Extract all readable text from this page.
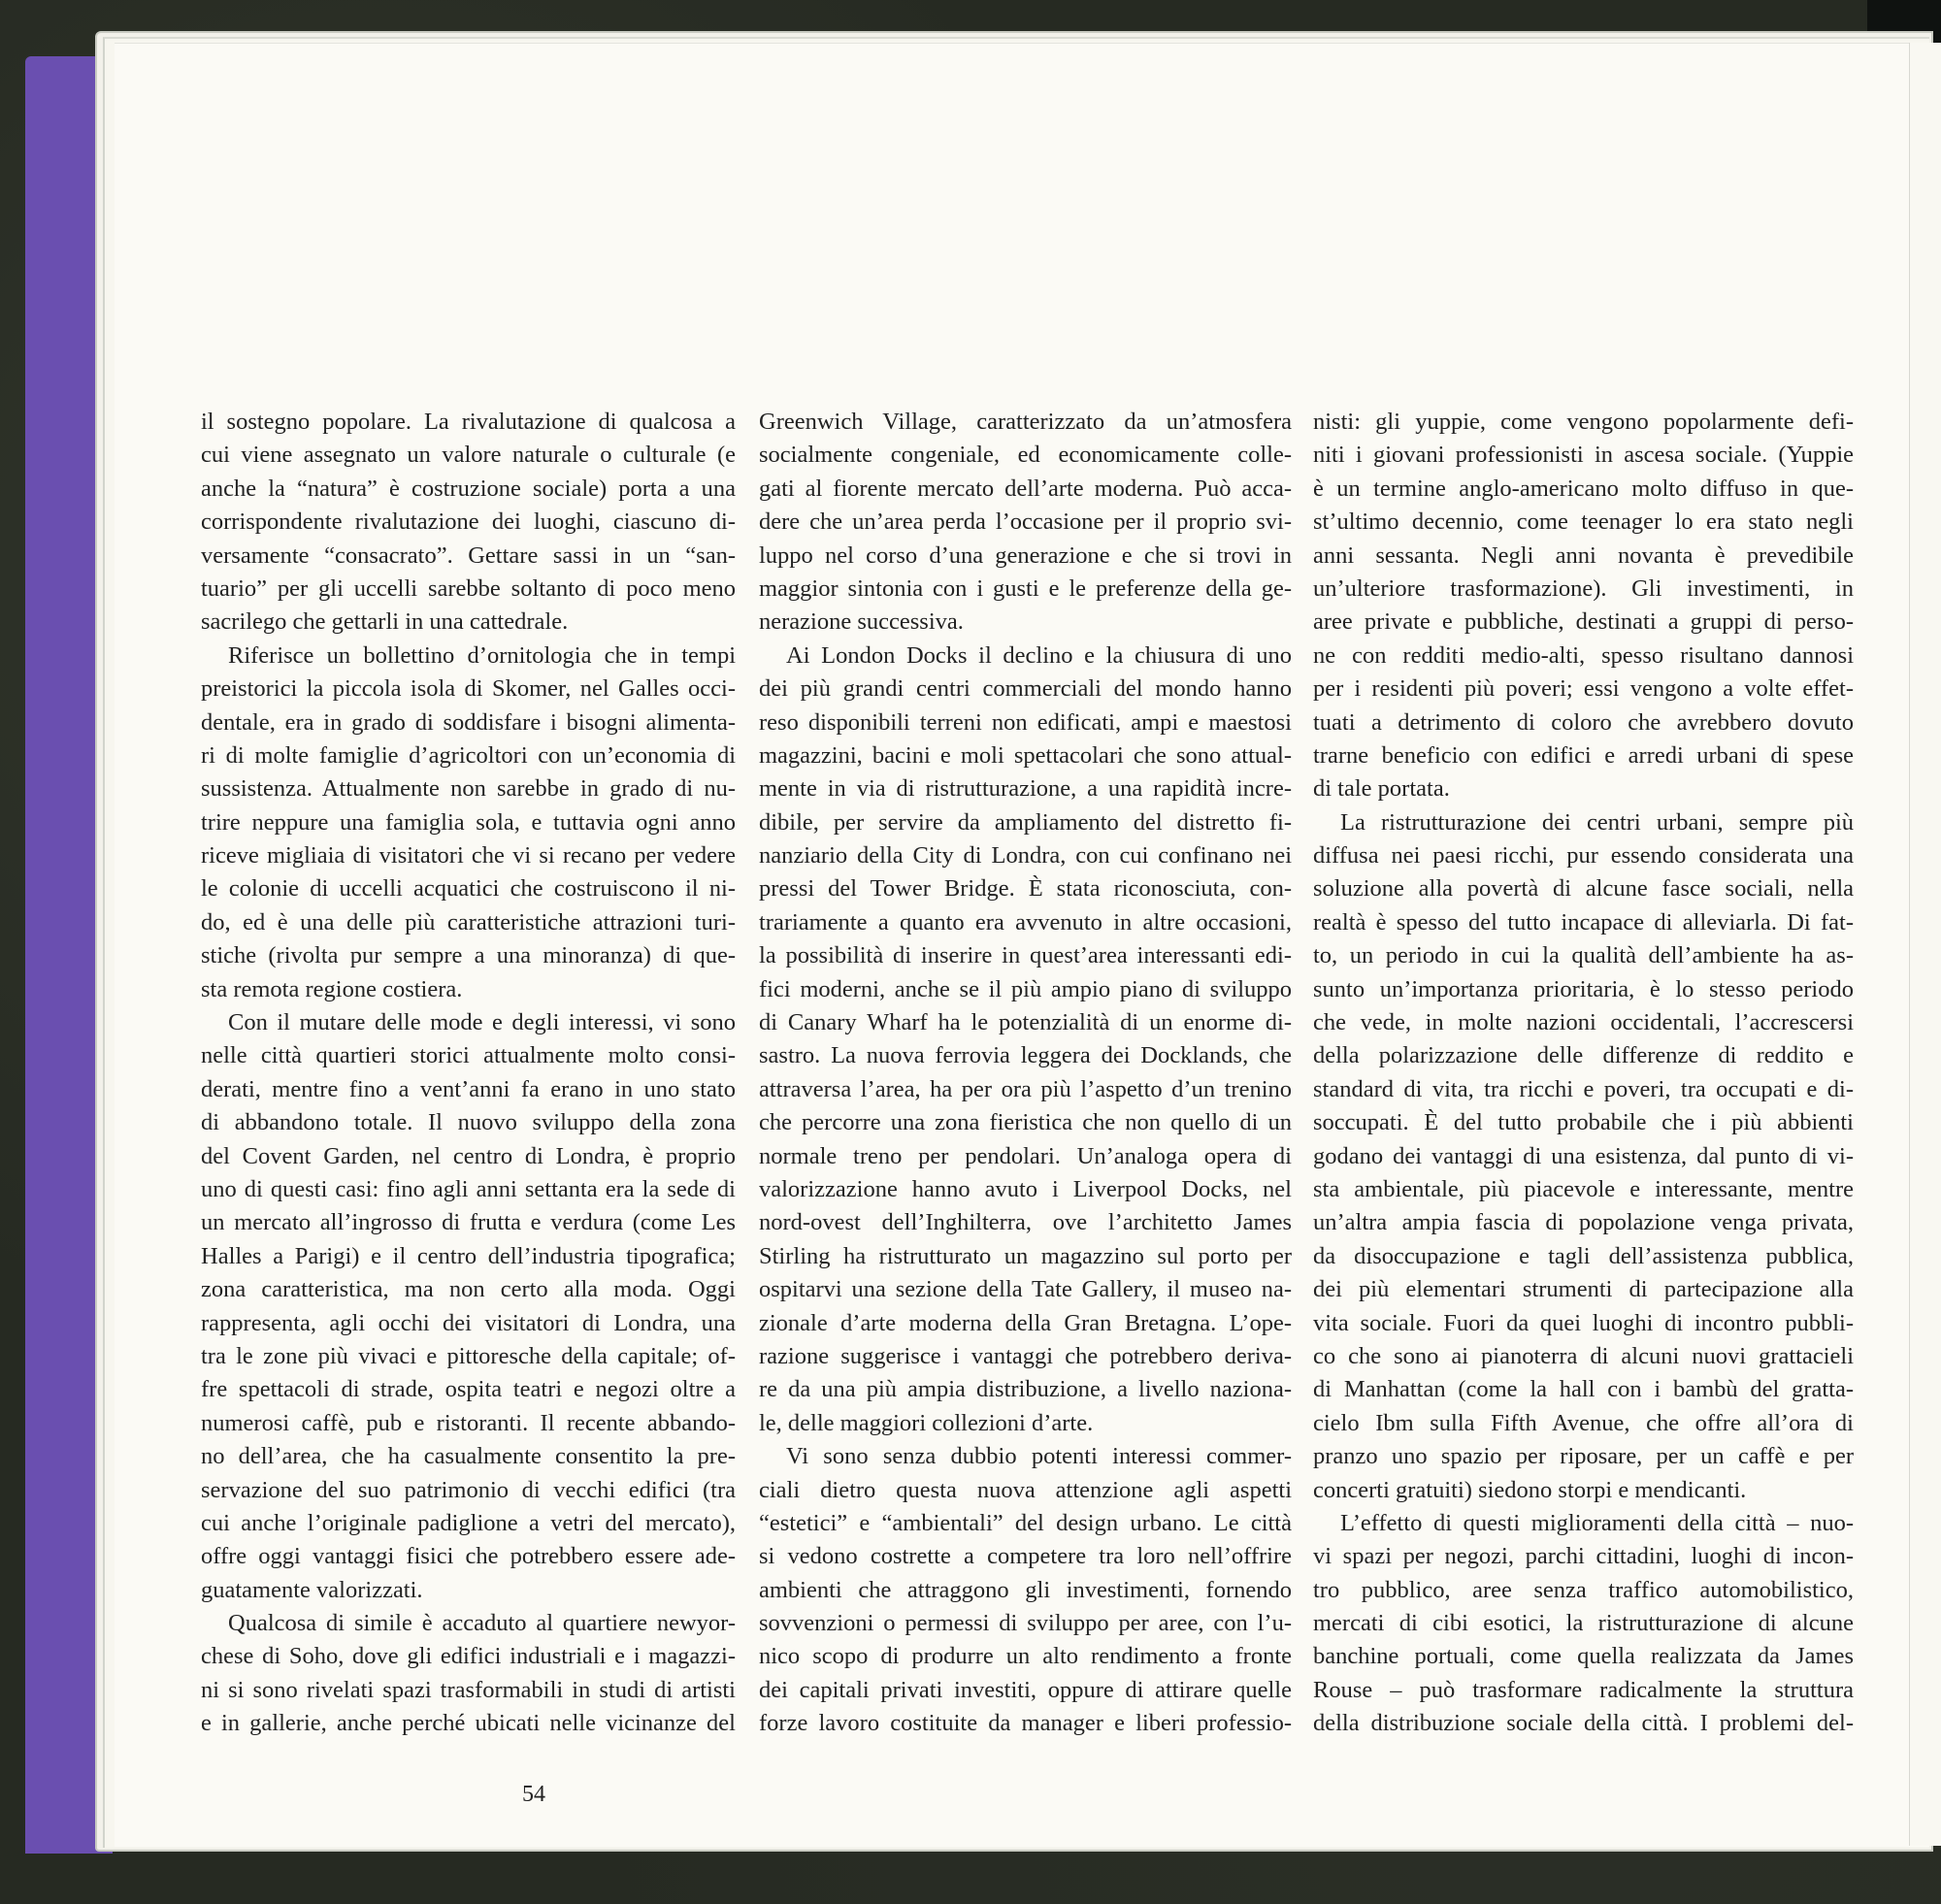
il sostegno popolare. La rivalutazione di qualcosa a
cui viene assegnato un valore naturale o culturale (e
anche la “natura” è costruzione sociale) porta a una
corrispondente rivalutazione dei luoghi, ciascuno di-
versamente “consacrato”. Gettare sassi in un “san-
tuario” per gli uccelli sarebbe soltanto di poco meno
sacrilego che gettarli in una cattedrale.
Riferisce un bollettino d’ornitologia che in tempi
preistorici la piccola isola di Skomer, nel Galles occi-
dentale, era in grado di soddisfare i bisogni alimenta-
ri di molte famiglie d’agricoltori con un’economia di
sussistenza. Attualmente non sarebbe in grado di nu-
trire neppure una famiglia sola, e tuttavia ogni anno
riceve migliaia di visitatori che vi si recano per vedere
le colonie di uccelli acquatici che costruiscono il ni-
do, ed è una delle più caratteristiche attrazioni turi-
stiche (rivolta pur sempre a una minoranza) di que-
sta remota regione costiera.
Con il mutare delle mode e degli interessi, vi sono
nelle città quartieri storici attualmente molto consi-
derati, mentre fino a vent’anni fa erano in uno stato
di abbandono totale. Il nuovo sviluppo della zona
del Covent Garden, nel centro di Londra, è proprio
uno di questi casi: fino agli anni settanta era la sede di
un mercato all’ingrosso di frutta e verdura (come Les
Halles a Parigi) e il centro dell’industria tipografica;
zona caratteristica, ma non certo alla moda. Oggi
rappresenta, agli occhi dei visitatori di Londra, una
tra le zone più vivaci e pittoresche della capitale; of-
fre spettacoli di strade, ospita teatri e negozi oltre a
numerosi caffè, pub e ristoranti. Il recente abbando-
no dell’area, che ha casualmente consentito la pre-
servazione del suo patrimonio di vecchi edifici (tra
cui anche l’originale padiglione a vetri del mercato),
offre oggi vantaggi fisici che potrebbero essere ade-
guatamente valorizzati.
Qualcosa di simile è accaduto al quartiere newyor-
chese di Soho, dove gli edifici industriali e i magazzi-
ni si sono rivelati spazi trasformabili in studi di artisti
e in gallerie, anche perché ubicati nelle vicinanze del
Greenwich Village, caratterizzato da un’atmosfera
socialmente congeniale, ed economicamente colle-
gati al fiorente mercato dell’arte moderna. Può acca-
dere che un’area perda l’occasione per il proprio svi-
luppo nel corso d’una generazione e che si trovi in
maggior sintonia con i gusti e le preferenze della ge-
nerazione successiva.
Ai London Docks il declino e la chiusura di uno
dei più grandi centri commerciali del mondo hanno
reso disponibili terreni non edificati, ampi e maestosi
magazzini, bacini e moli spettacolari che sono attual-
mente in via di ristrutturazione, a una rapidità incre-
dibile, per servire da ampliamento del distretto fi-
nanziario della City di Londra, con cui confinano nei
pressi del Tower Bridge. È stata riconosciuta, con-
trariamente a quanto era avvenuto in altre occasioni,
la possibilità di inserire in quest’area interessanti edi-
fici moderni, anche se il più ampio piano di sviluppo
di Canary Wharf ha le potenzialità di un enorme di-
sastro. La nuova ferrovia leggera dei Docklands, che
attraversa l’area, ha per ora più l’aspetto d’un trenino
che percorre una zona fieristica che non quello di un
normale treno per pendolari. Un’analoga opera di
valorizzazione hanno avuto i Liverpool Docks, nel
nord-ovest dell’Inghilterra, ove l’architetto James
Stirling ha ristrutturato un magazzino sul porto per
ospitarvi una sezione della Tate Gallery, il museo na-
zionale d’arte moderna della Gran Bretagna. L’ope-
razione suggerisce i vantaggi che potrebbero deriva-
re da una più ampia distribuzione, a livello naziona-
le, delle maggiori collezioni d’arte.
Vi sono senza dubbio potenti interessi commer-
ciali dietro questa nuova attenzione agli aspetti
“estetici” e “ambientali” del design urbano. Le città
si vedono costrette a competere tra loro nell’offrire
ambienti che attraggono gli investimenti, fornendo
sovvenzioni o permessi di sviluppo per aree, con l’u-
nico scopo di produrre un alto rendimento a fronte
dei capitali privati investiti, oppure di attirare quelle
forze lavoro costituite da manager e liberi professio-
nisti: gli yuppie, come vengono popolarmente defi-
niti i giovani professionisti in ascesa sociale. (Yuppie
è un termine anglo-americano molto diffuso in que-
st’ultimo decennio, come teenager lo era stato negli
anni sessanta. Negli anni novanta è prevedibile
un’ulteriore trasformazione). Gli investimenti, in
aree private e pubbliche, destinati a gruppi di perso-
ne con redditi medio-alti, spesso risultano dannosi
per i residenti più poveri; essi vengono a volte effet-
tuati a detrimento di coloro che avrebbero dovuto
trarne beneficio con edifici e arredi urbani di spese
di tale portata.
La ristrutturazione dei centri urbani, sempre più
diffusa nei paesi ricchi, pur essendo considerata una
soluzione alla povertà di alcune fasce sociali, nella
realtà è spesso del tutto incapace di alleviarla. Di fat-
to, un periodo in cui la qualità dell’ambiente ha as-
sunto un’importanza prioritaria, è lo stesso periodo
che vede, in molte nazioni occidentali, l’accrescersi
della polarizzazione delle differenze di reddito e
standard di vita, tra ricchi e poveri, tra occupati e di-
soccupati. È del tutto probabile che i più abbienti
godano dei vantaggi di una esistenza, dal punto di vi-
sta ambientale, più piacevole e interessante, mentre
un’altra ampia fascia di popolazione venga privata,
da disoccupazione e tagli dell’assistenza pubblica,
dei più elementari strumenti di partecipazione alla
vita sociale. Fuori da quei luoghi di incontro pubbli-
co che sono ai pianoterra di alcuni nuovi grattacieli
di Manhattan (come la hall con i bambù del gratta-
cielo Ibm sulla Fifth Avenue, che offre all’ora di
pranzo uno spazio per riposare, per un caffè e per
concerti gratuiti) siedono storpi e mendicanti.
L’effetto di questi miglioramenti della città – nuo-
vi spazi per negozi, parchi cittadini, luoghi di incon-
tro pubblico, aree senza traffico automobilistico,
mercati di cibi esotici, la ristrutturazione di alcune
banchine portuali, come quella realizzata da James
Rouse – può trasformare radicalmente la struttura
della distribuzione sociale della città. I problemi del-
54
